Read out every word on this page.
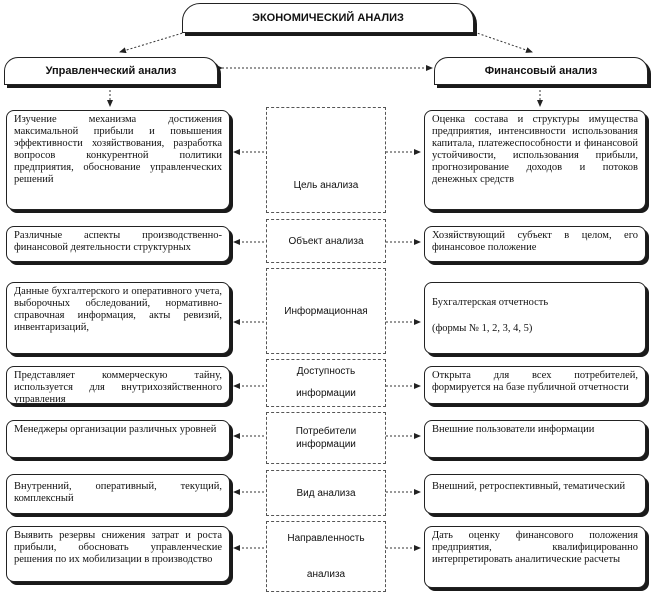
ЭКОНОМИЧЕСКИЙ АНАЛИЗ
Управленческий анализ	Финансовый анализ
Цель анализа
Объект анализа
Информационная
Доступность информации
Потребители информации
Вид анализа
Направленность анализа
Изучение механизма достижения максимальной прибыли и повышения эффективности хозяйствования, разработка вопросов конкурентной политики предприятия, обоснование управленческих решений
Различные аспекты производственно-финансовой деятельности структурных
Данные бухгалтерского и оперативного учета, выборочных обследований, нормативно-справочная информация, акты ревизий, инвентаризаций,
Представляет коммерческую тайну, используется для внутрихозяйственного управления
Менеджеры организации различных уровней
Внутренний, оперативный, текущий, комплексный
Выявить резервы снижения затрат и роста прибыли, обосновать управленческие решения по их мобилизации в производство
Оценка состава и структуры имущества предприятия, интенсивности использования капитала, платежеспособности и финансовой устойчивости, использования прибыли, прогнозирование доходов и потоков денежных средств
Хозяйствующий субъект в целом, его финансовое положение
Бухгалтерская отчетность
(формы № 1, 2, 3, 4, 5)
Открыта для всех потребителей, формируется на базе публичной отчетности
Внешние пользователи информации
Внешний, ретроспективный, тематический
Дать оценку финансового положения предприятия, квалифицированно интерпретировать аналитические расчеты
